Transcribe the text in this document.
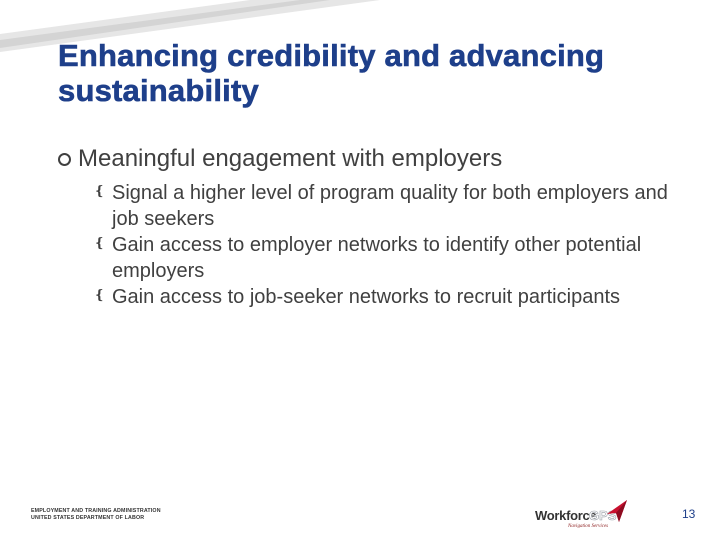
Enhancing credibility and advancing sustainability
Meaningful engagement with employers
❴ Signal a higher level of program quality for both employers and job seekers
❴ Gain access to employer networks to identify other potential employers
❴ Gain access to job-seeker networks to recruit participants
EMPLOYMENT AND TRAINING ADMINISTRATION
UNITED STATES DEPARTMENT OF LABOR	Workforce
GPS
Navigation Services
13
